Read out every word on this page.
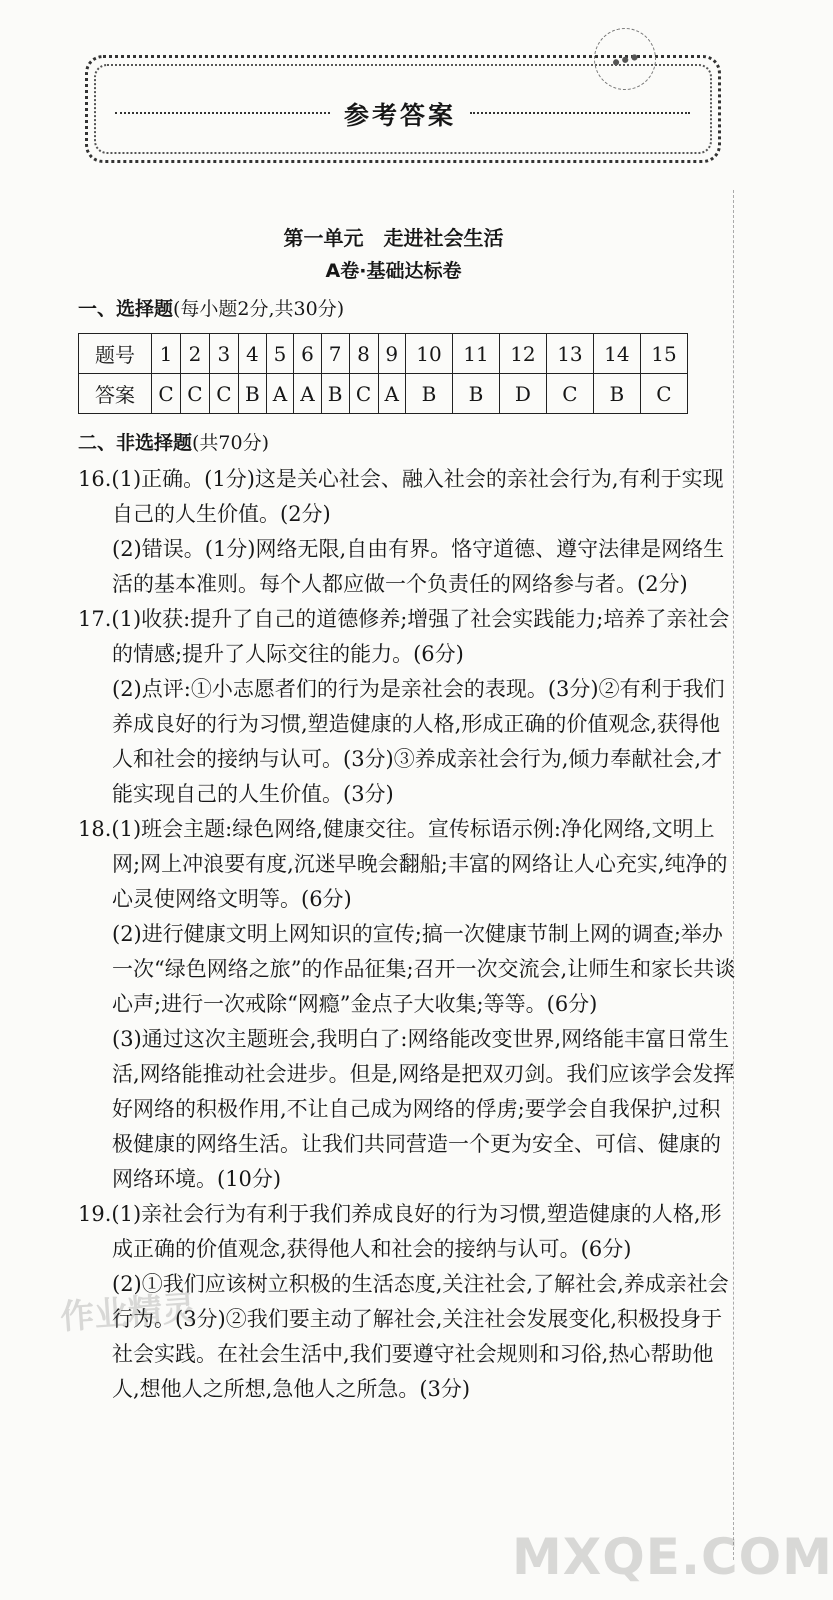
参考答案
● ● ●
第一单元　走进社会生活
A卷·基础达标卷
一、选择题(每小题2分,共30分)
题号	1	2	3	4	5	6	7	8	9	10	11	12	13	14	15
答案	C	C	C	B	A	A	B	C	A	B	B	D	C	B	C
二、非选择题(共70分)

16.(1)正确。(1分)这是关心社会、融入社会的亲社会行为,有利于实现自己的人生价值。(2分)

(2)错误。(1分)网络无限,自由有界。恪守道德、遵守法律是网络生活的基本准则。每个人都应做一个负责任的网络参与者。(2分)

17.(1)收获:提升了自己的道德修养;增强了社会实践能力;培养了亲社会的情感;提升了人际交往的能力。(6分)

(2)点评:①小志愿者们的行为是亲社会的表现。(3分)②有利于我们养成良好的行为习惯,塑造健康的人格,形成正确的价值观念,获得他人和社会的接纳与认可。(3分)③养成亲社会行为,倾力奉献社会,才能实现自己的人生价值。(3分)

18.(1)班会主题:绿色网络,健康交往。宣传标语示例:净化网络,文明上网;网上冲浪要有度,沉迷早晚会翻船;丰富的网络让人心充实,纯净的心灵使网络文明等。(6分)

(2)进行健康文明上网知识的宣传;搞一次健康节制上网的调查;举办一次“绿色网络之旅”的作品征集;召开一次交流会,让师生和家长共谈心声;进行一次戒除“网瘾”金点子大收集;等等。(6分)

(3)通过这次主题班会,我明白了:网络能改变世界,网络能丰富日常生活,网络能推动社会进步。但是,网络是把双刃剑。我们应该学会发挥好网络的积极作用,不让自己成为网络的俘虏;要学会自我保护,过积极健康的网络生活。让我们共同营造一个更为安全、可信、健康的网络环境。(10分)

19.(1)亲社会行为有利于我们养成良好的行为习惯,塑造健康的人格,形成正确的价值观念,获得他人和社会的接纳与认可。(6分)

(2)①我们应该树立积极的生活态度,关注社会,了解社会,养成亲社会行为。(3分)②我们要主动了解社会,关注社会发展变化,积极投身于社会实践。在社会生活中,我们要遵守社会规则和习俗,热心帮助他人,想他人之所想,急他人之所急。(3分)

作业精灵
MXQE.COM
